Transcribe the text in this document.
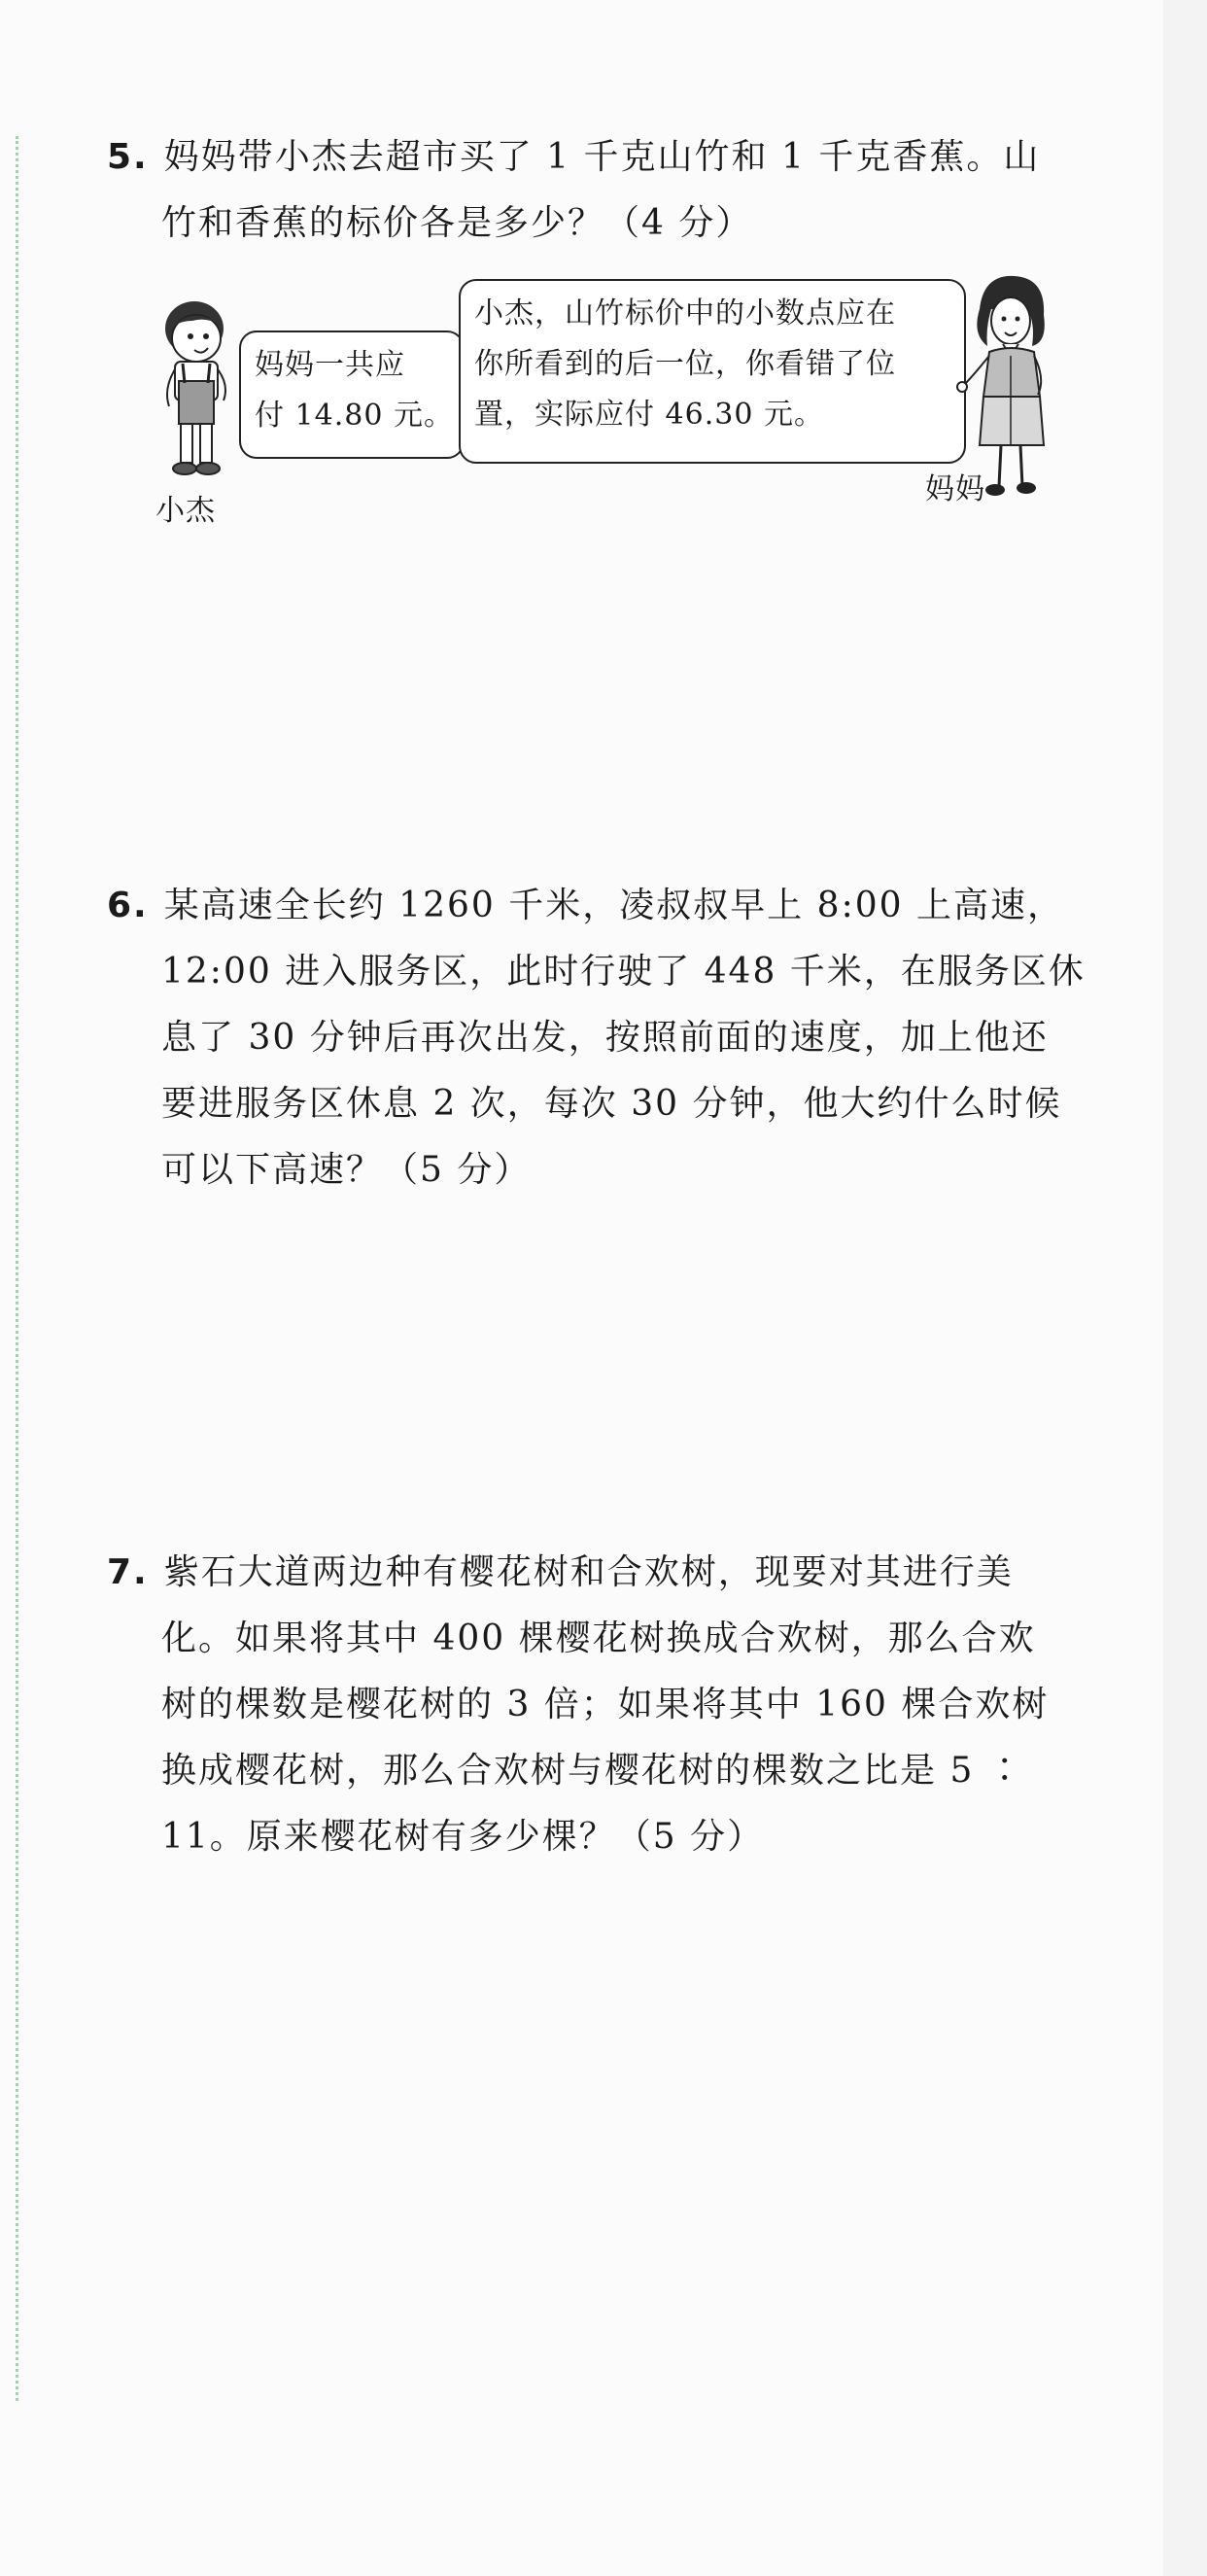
5. 妈妈带小杰去超市买了 1 千克山竹和 1 千克香蕉。山
竹和香蕉的标价各是多少？（4 分）
妈妈一共应
付 14.80 元。
小杰
小杰，山竹标价中的小数点应在
你所看到的后一位，你看错了位
置，实际应付 46.30 元。
妈妈
6. 某高速全长约 1260 千米，凌叔叔早上 8:00 上高速，
12:00 进入服务区，此时行驶了 448 千米，在服务区休
息了 30 分钟后再次出发，按照前面的速度，加上他还
要进服务区休息 2 次，每次 30 分钟，他大约什么时候
可以下高速？（5 分）
7. 紫石大道两边种有樱花树和合欢树，现要对其进行美
化。如果将其中 400 棵樱花树换成合欢树，那么合欢
树的棵数是樱花树的 3 倍；如果将其中 160 棵合欢树
换成樱花树，那么合欢树与樱花树的棵数之比是 5 ∶
11。原来樱花树有多少棵？（5 分）
